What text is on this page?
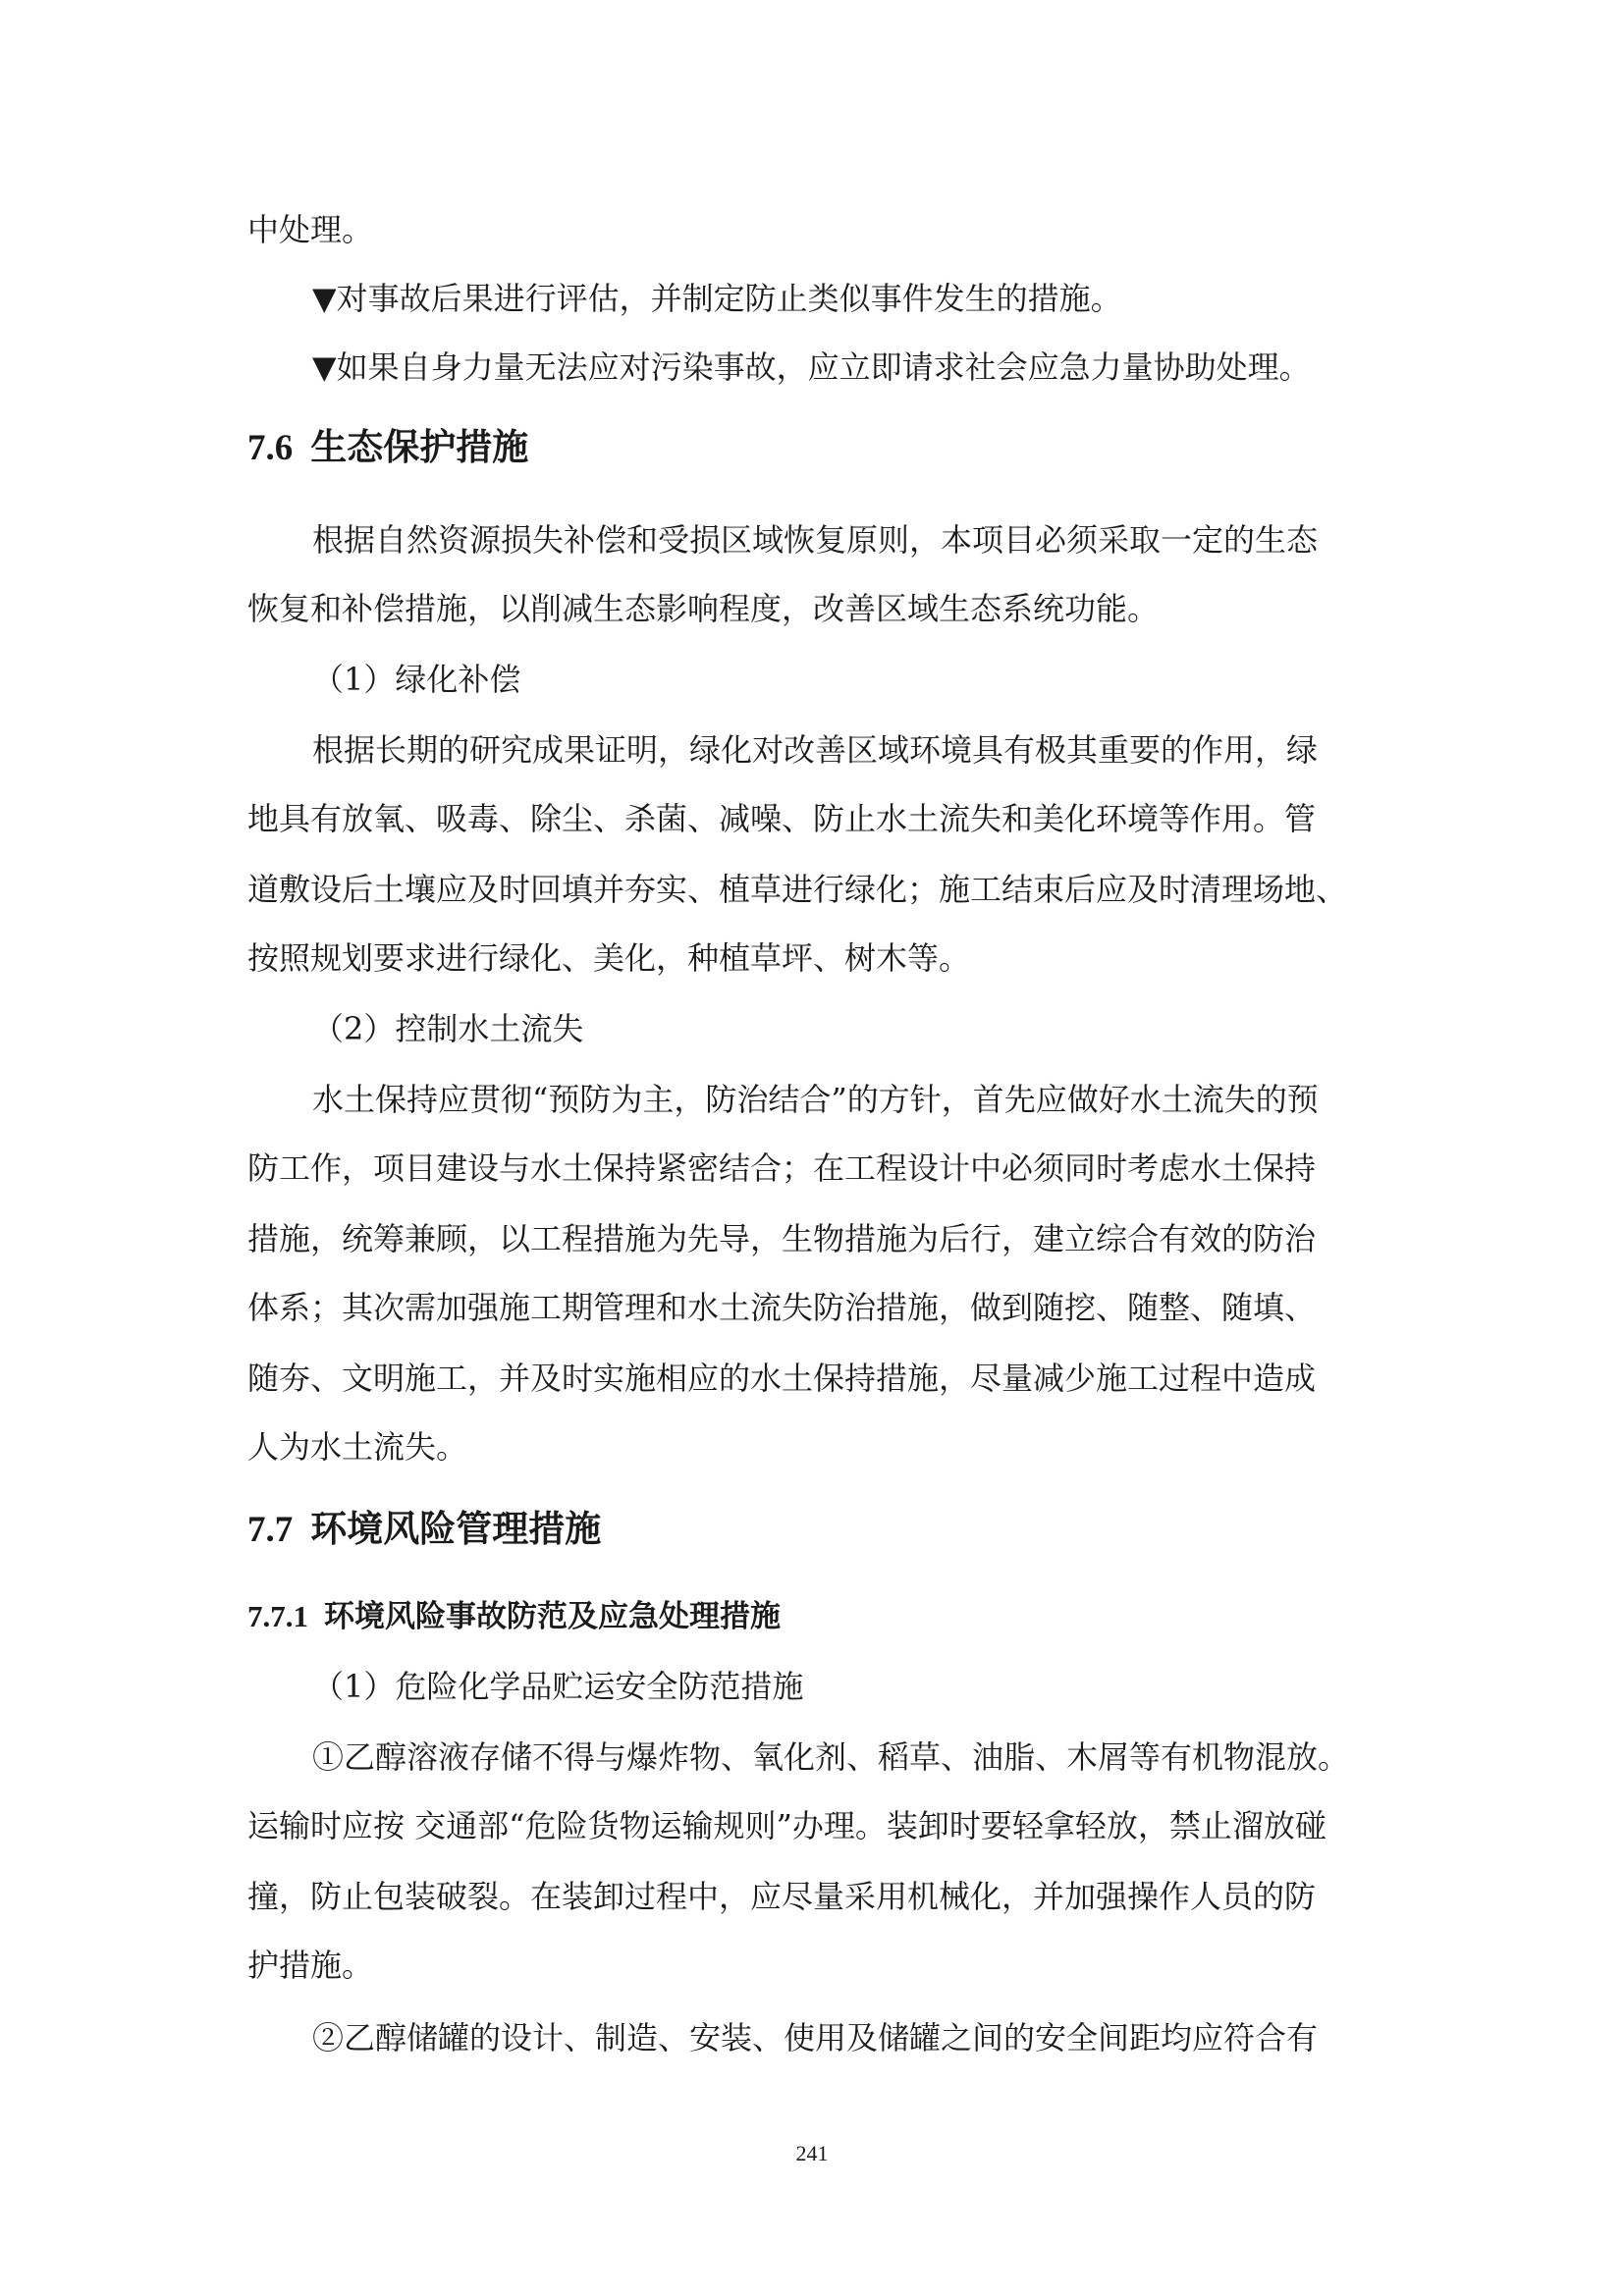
中处理。
▼对事故后果进行评估，并制定防止类似事件发生的措施。
▼如果自身力量无法应对污染事故，应立即请求社会应急力量协助处理。
7.6 生态保护措施
根据自然资源损失补偿和受损区域恢复原则，本项目必须采取一定的生态
恢复和补偿措施，以削减生态影响程度，改善区域生态系统功能。
（1）绿化补偿
根据长期的研究成果证明，绿化对改善区域环境具有极其重要的作用，绿
地具有放氧、吸毒、除尘、杀菌、减噪、防止水土流失和美化环境等作用。管
道敷设后土壤应及时回填并夯实、植草进行绿化；施工结束后应及时清理场地、
按照规划要求进行绿化、美化，种植草坪、树木等。
（2）控制水土流失
水土保持应贯彻“预防为主，防治结合”的方针，首先应做好水土流失的预
防工作，项目建设与水土保持紧密结合；在工程设计中必须同时考虑水土保持
措施，统筹兼顾，以工程措施为先导，生物措施为后行，建立综合有效的防治
体系；其次需加强施工期管理和水土流失防治措施，做到随挖、随整、随填、
随夯、文明施工，并及时实施相应的水土保持措施，尽量减少施工过程中造成
人为水土流失。
7.7 环境风险管理措施
7.7.1 环境风险事故防范及应急处理措施
（1）危险化学品贮运安全防范措施
①乙醇溶液存储不得与爆炸物、氧化剂、稻草、油脂、木屑等有机物混放。
运输时应按 交通部“危险货物运输规则”办理。装卸时要轻拿轻放，禁止溜放碰
撞，防止包装破裂。在装卸过程中，应尽量采用机械化，并加强操作人员的防
护措施。
②乙醇储罐的设计、制造、安装、使用及储罐之间的安全间距均应符合有
241
